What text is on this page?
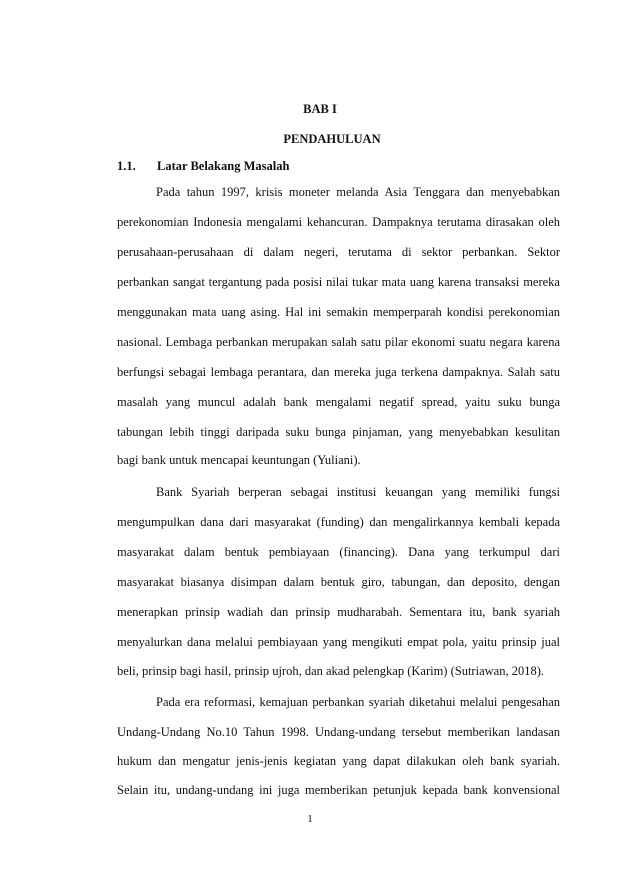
BAB I
PENDAHULUAN
1.1. Latar Belakang Masalah
Pada tahun 1997, krisis moneter melanda Asia Tenggara dan menyebabkan
perekonomian Indonesia mengalami kehancuran. Dampaknya terutama dirasakan oleh
perusahaan-perusahaan di dalam negeri, terutama di sektor perbankan. Sektor
perbankan sangat tergantung pada posisi nilai tukar mata uang karena transaksi mereka
menggunakan mata uang asing. Hal ini semakin memperparah kondisi perekonomian
nasional. Lembaga perbankan merupakan salah satu pilar ekonomi suatu negara karena
berfungsi sebagai lembaga perantara, dan mereka juga terkena dampaknya. Salah satu
masalah yang muncul adalah bank mengalami negatif spread, yaitu suku bunga
tabungan lebih tinggi daripada suku bunga pinjaman, yang menyebabkan kesulitan
bagi bank untuk mencapai keuntungan (Yuliani).
Bank Syariah berperan sebagai institusi keuangan yang memiliki fungsi
mengumpulkan dana dari masyarakat (funding) dan mengalirkannya kembali kepada
masyarakat dalam bentuk pembiayaan (financing). Dana yang terkumpul dari
masyarakat biasanya disimpan dalam bentuk giro, tabungan, dan deposito, dengan
menerapkan prinsip wadiah dan prinsip mudharabah. Sementara itu, bank syariah
menyalurkan dana melalui pembiayaan yang mengikuti empat pola, yaitu prinsip jual
beli, prinsip bagi hasil, prinsip ujroh, dan akad pelengkap (Karim) (Sutriawan, 2018).
Pada era reformasi, kemajuan perbankan syariah diketahui melalui pengesahan
Undang-Undang No.10 Tahun 1998. Undang-undang tersebut memberikan landasan
hukum dan mengatur jenis-jenis kegiatan yang dapat dilakukan oleh bank syariah.
Selain itu, undang-undang ini juga memberikan petunjuk kepada bank konvensional
1
